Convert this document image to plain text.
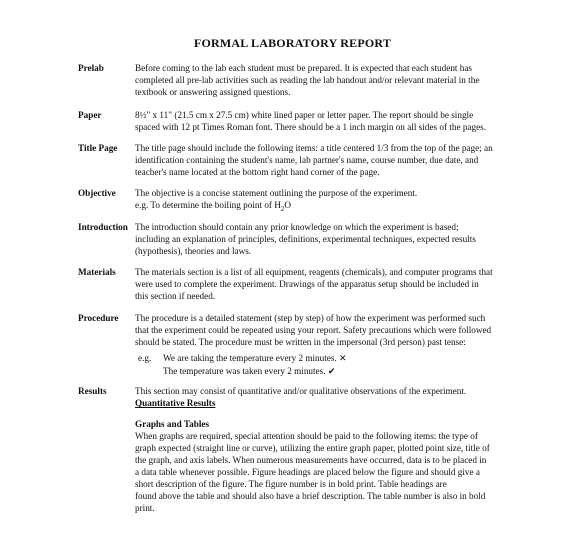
FORMAL LABORATORY REPORT
Prelab	Before coming to the lab each student must be prepared. It is expected that each student has

completed all pre-lab activities such as reading the lab handout and/or relevant material in the

textbook or answering assigned questions.

Paper	8½" x 11" (21.5 cm x 27.5 cm) white lined paper or letter paper. The report should be single

spaced with 12 pt Times Roman font. There should be a 1 inch margin on all sides of the pages.

Title Page	The title page should include the following items: a title centered 1/3 from the top of the page; an

identification containing the student's name, lab partner's name, course number, due date, and

teacher's name located at the bottom right hand corner of the page.

Objective	The objective is a concise statement outlining the purpose of the experiment.

e.g. To determine the boiling point of $H_2O$

Introduction The introduction should contain any prior knowledge on which the experiment is based;

including an explanation of principles, definitions, experimental techniques, expected results

(hypothesis), theories and laws.

Materials	The materials section is a list of all equipment, reagents (chemicals), and computer programs that

were used to complete the experiment. Drawings of the apparatus setup should be included in

this section if needed.

Procedure	The procedure is a detailed statement (step by step) of how the experiment was performed such

that the experiment could be repeated using your report. Safety precautions which were followed

should be stated. The procedure must be written in the impersonal (3rd person) past tense:

e.g. We are taking the temperature every 2 minutes. ✕

The temperature was taken every 2 minutes. ✔

Results	This section may consist of quantitative and/or qualitative observations of the experiment.

Quantitative Results

Graphs and Tables

When graphs are required, special attention should be paid to the following items: the type of

graph expected (straight line or curve), utilizing the entire graph paper, plotted point size, title of

the graph, and axis labels. When numerous measurements have occurred, data is to be placed in

a data table whenever possible. Figure headings are placed below the figure and should give a

short description of the figure. The figure number is in bold print. Table headings are

found above the table and should also have a brief description. The table number is also in bold

print.
